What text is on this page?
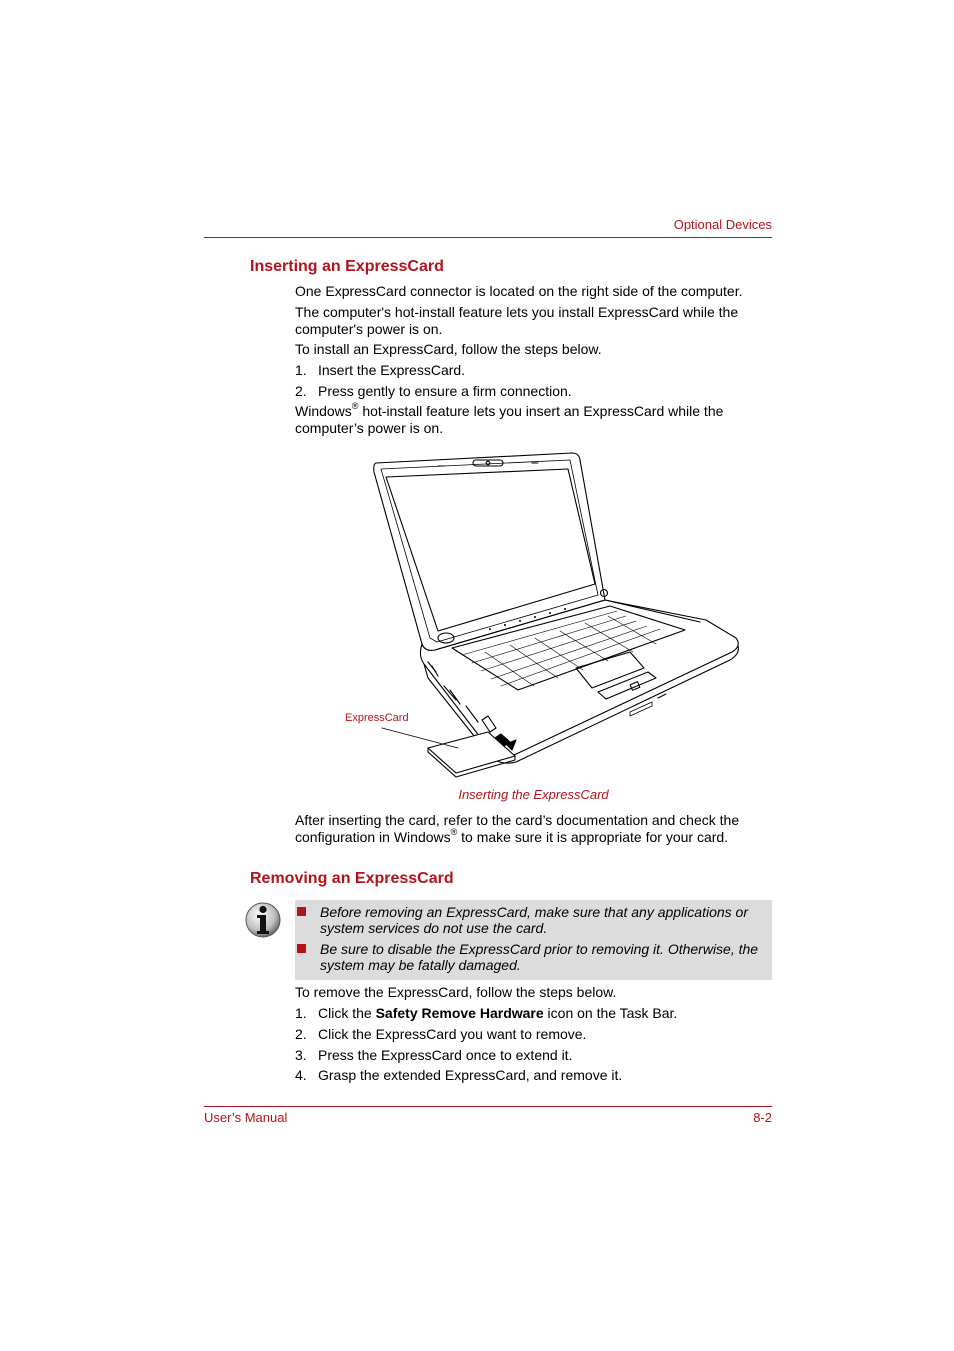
Optional Devices
Inserting an ExpressCard
One ExpressCard connector is located on the right side of the computer.
The computer's hot-install feature lets you install ExpressCard while the computer's power is on.
To install an ExpressCard, follow the steps below.
1. Insert the ExpressCard.
2. Press gently to ensure a firm connection.
Windows® hot-install feature lets you insert an ExpressCard while the computer’s power is on.
ExpressCard
Inserting the ExpressCard
After inserting the card, refer to the card’s documentation and check the configuration in Windows® to make sure it is appropriate for your card.
Removing an ExpressCard
Before removing an ExpressCard, make sure that any applications or system services do not use the card.
Be sure to disable the ExpressCard prior to removing it. Otherwise, the system may be fatally damaged.
To remove the ExpressCard, follow the steps below.
1. Click the Safety Remove Hardware icon on the Task Bar.
2. Click the ExpressCard you want to remove.
3. Press the ExpressCard once to extend it.
4. Grasp the extended ExpressCard, and remove it.
User’s Manual	8-2
